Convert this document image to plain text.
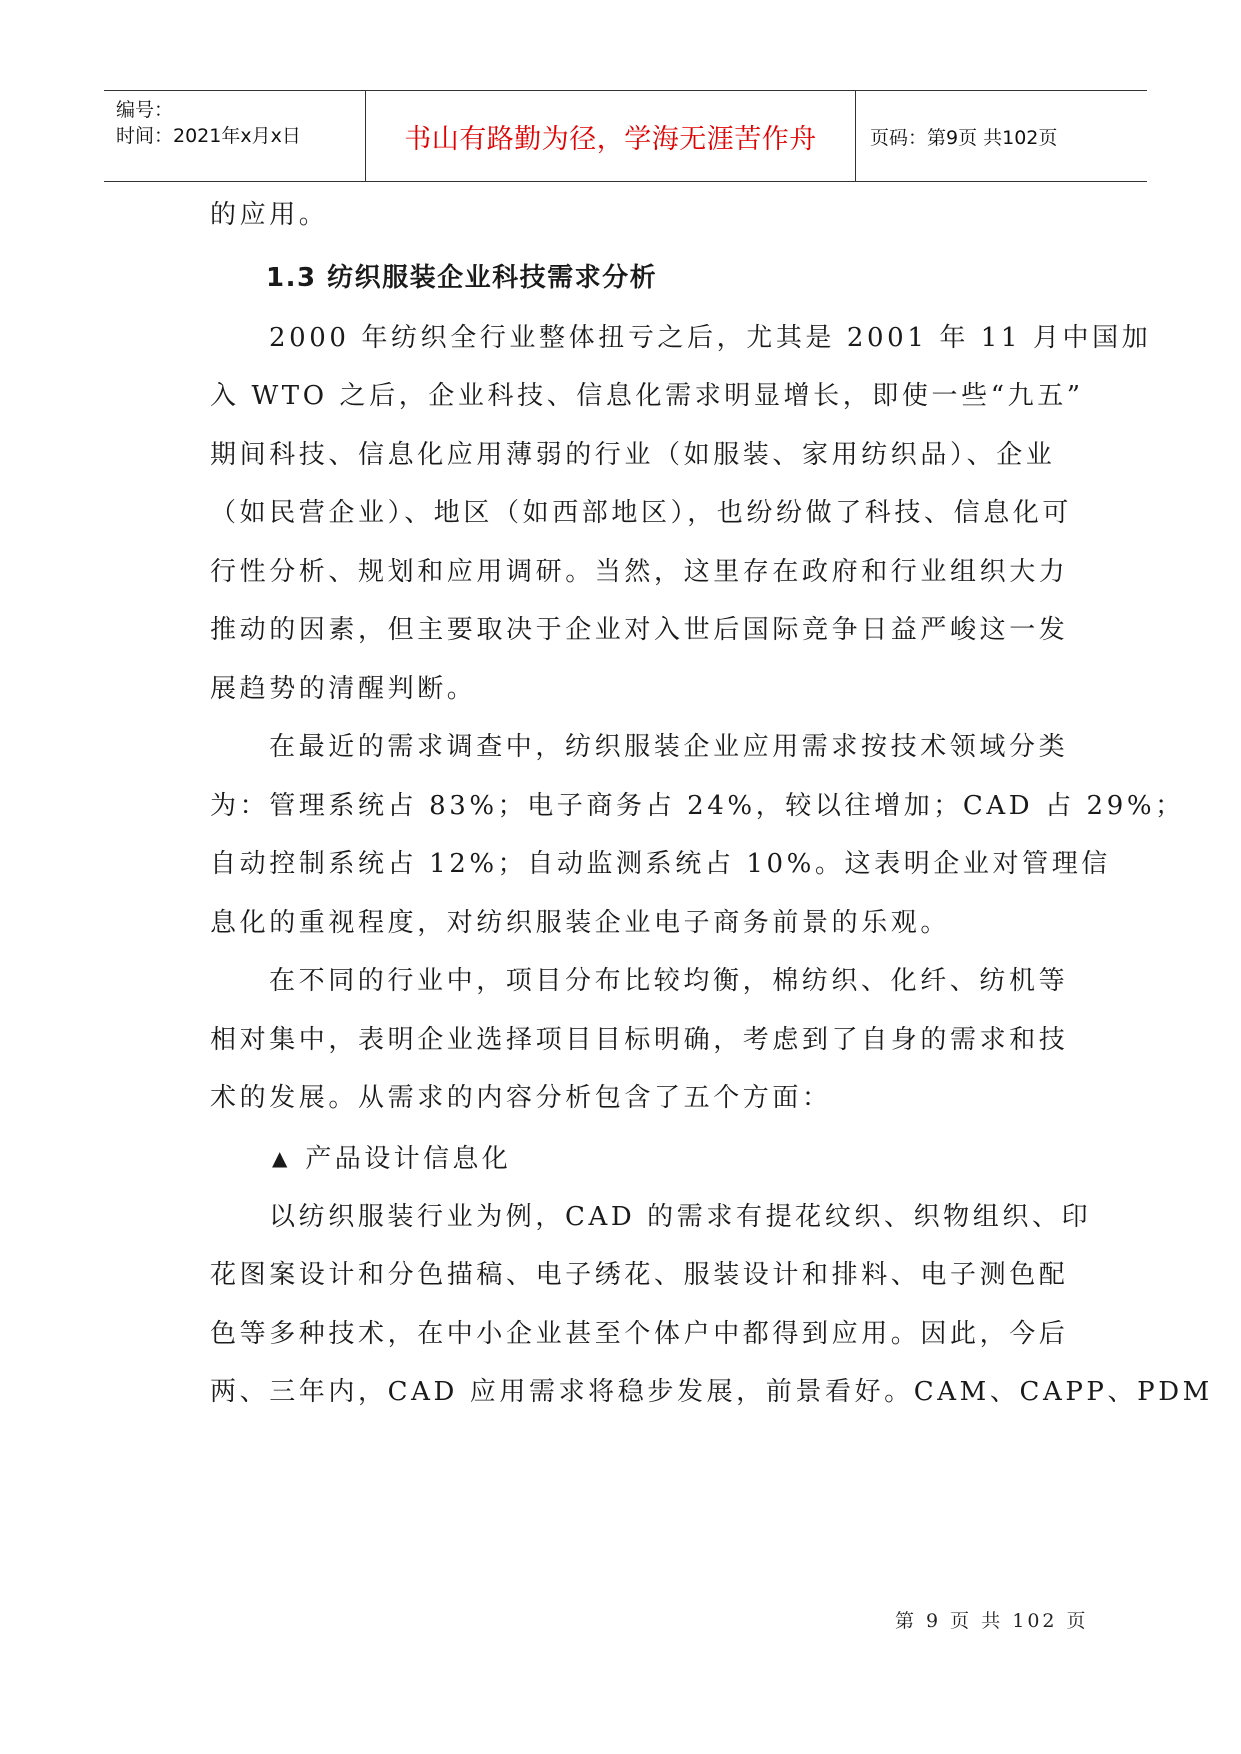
编号：
时间：2021年x月x日	书山有路勤为径，学海无涯苦作舟	页码：第9页 共102页
的应用。
1.3 纺织服装企业科技需求分析
2000 年纺织全行业整体扭亏之后，尤其是 2001 年 11 月中国加
入 WTO 之后，企业科技、信息化需求明显增长，即使一些“九五”
期间科技、信息化应用薄弱的行业（如服装、家用纺织品）、企业
（如民营企业）、地区（如西部地区），也纷纷做了科技、信息化可
行性分析、规划和应用调研。当然，这里存在政府和行业组织大力
推动的因素，但主要取决于企业对入世后国际竞争日益严峻这一发
展趋势的清醒判断。
在最近的需求调查中，纺织服装企业应用需求按技术领域分类
为：管理系统占 83%；电子商务占 24%，较以往增加；CAD 占 29%；
自动控制系统占 12%；自动监测系统占 10%。这表明企业对管理信
息化的重视程度，对纺织服装企业电子商务前景的乐观。
在不同的行业中，项目分布比较均衡，棉纺织、化纤、纺机等
相对集中，表明企业选择项目目标明确，考虑到了自身的需求和技
术的发展。从需求的内容分析包含了五个方面：
▲ 产品设计信息化
以纺织服装行业为例，CAD 的需求有提花纹织、织物组织、印
花图案设计和分色描稿、电子绣花、服装设计和排料、电子测色配
色等多种技术，在中小企业甚至个体户中都得到应用。因此，今后
两、三年内，CAD 应用需求将稳步发展，前景看好。CAM、CAPP、PDM
第 9 页 共 102 页
